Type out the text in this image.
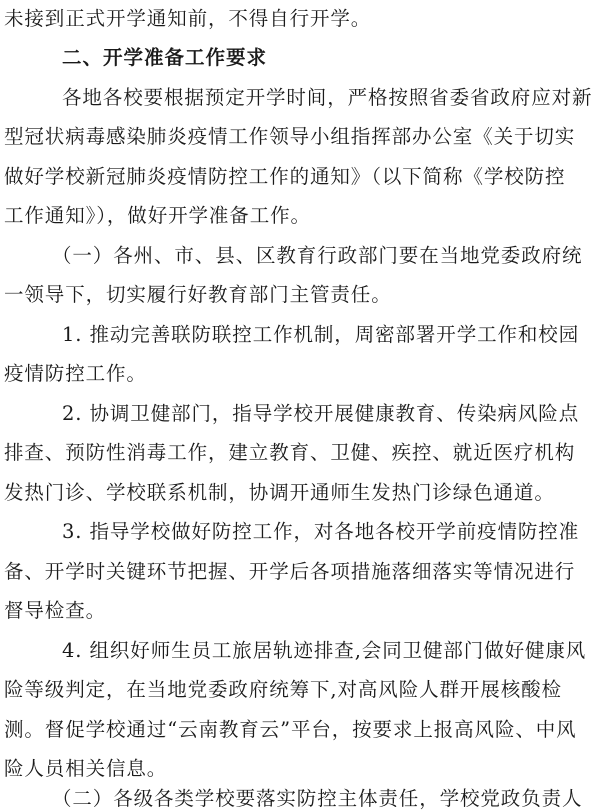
未接到正式开学通知前，不得自行开学。
二、开学准备工作要求
各地各校要根据预定开学时间，严格按照省委省政府应对新
型冠状病毒感染肺炎疫情工作领导小组指挥部办公室《关于切实
做好学校新冠肺炎疫情防控工作的通知》（以下简称《学校防控
工作通知》），做好开学准备工作。
（一）各州、市、县、区教育行政部门要在当地党委政府统
一领导下，切实履行好教育部门主管责任。
1. 推动完善联防联控工作机制，周密部署开学工作和校园
疫情防控工作。
2. 协调卫健部门，指导学校开展健康教育、传染病风险点
排查、预防性消毒工作，建立教育、卫健、疾控、就近医疗机构
发热门诊、学校联系机制，协调开通师生发热门诊绿色通道。
3. 指导学校做好防控工作，对各地各校开学前疫情防控准
备、开学时关键环节把握、开学后各项措施落细落实等情况进行
督导检查。
4. 组织好师生员工旅居轨迹排查,会同卫健部门做好健康风
险等级判定，在当地党委政府统筹下,对高风险人群开展核酸检
测。督促学校通过“云南教育云”平台，按要求上报高风险、中风
险人员相关信息。
（二）各级各类学校要落实防控主体责任，学校党政负责人
